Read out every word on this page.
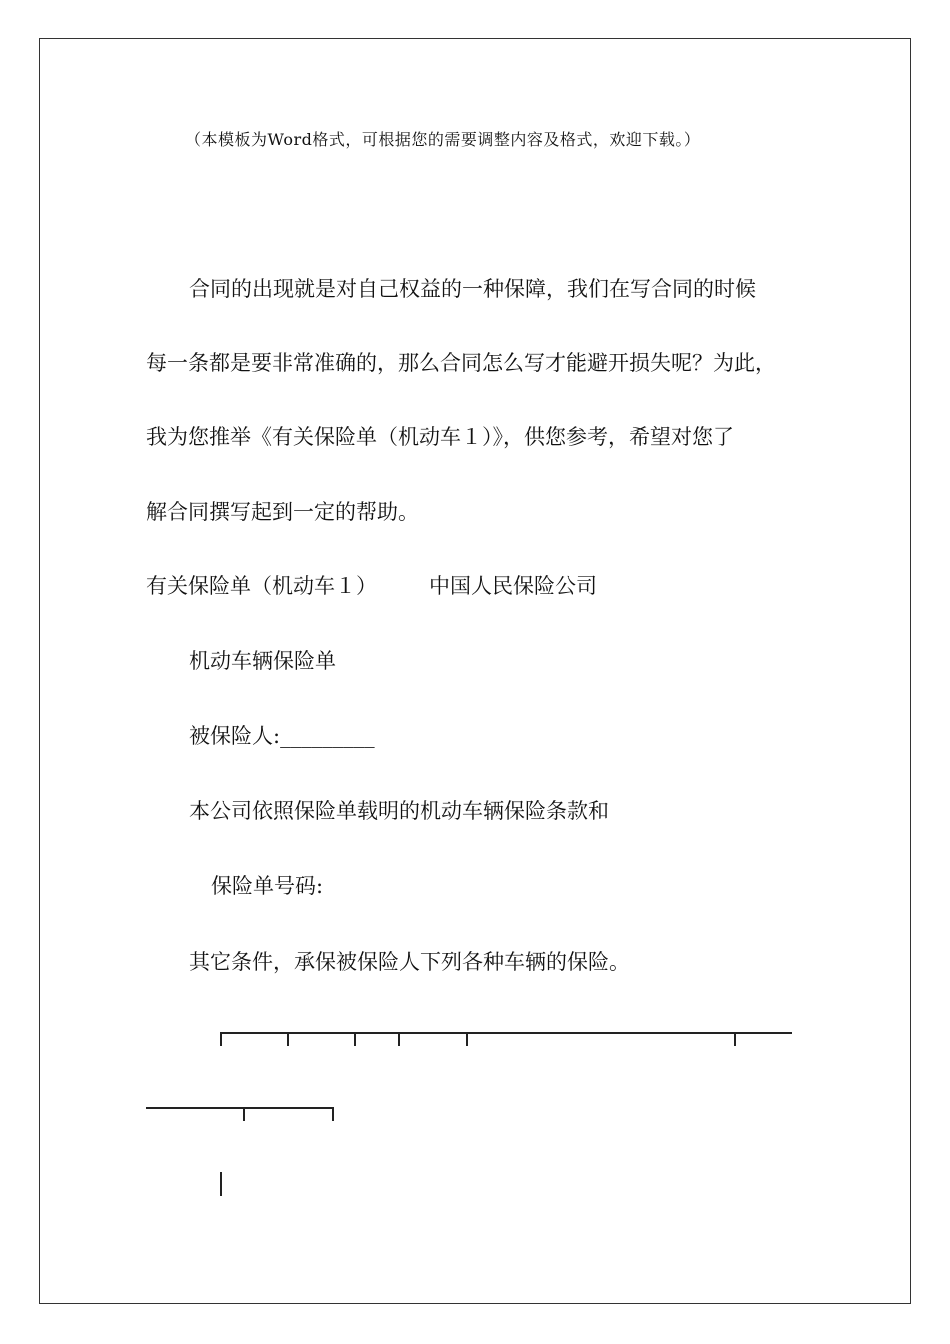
（本模板为Word格式，可根据您的需要调整内容及格式，欢迎下载。）
合同的出现就是对自己权益的一种保障，我们在写合同的时候
每一条都是要非常准确的，那么合同怎么写才能避开损失呢？为此，
我为您推举《有关保险单（机动车１）》，供您参考，希望对您了
解合同撰写起到一定的帮助。
有关保险单（机动车１） 中国人民保险公司
机动车辆保险单
被保险人:_________
本公司依照保险单载明的机动车辆保险条款和
保险单号码:
其它条件，承保被保险人下列各种车辆的保险。
